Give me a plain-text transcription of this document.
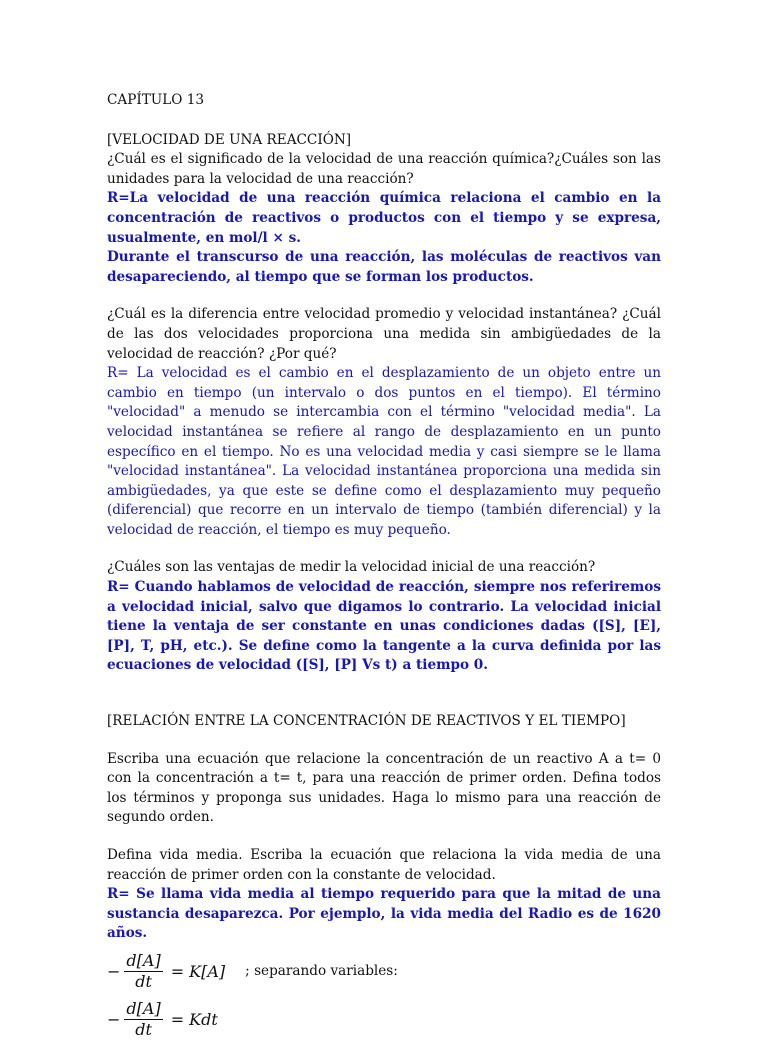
CAPÍTULO 13

[VELOCIDAD DE UNA REACCIÓN]

¿Cuál es el significado de la velocidad de una reacción química?¿Cuáles son las unidades para la velocidad de una reacción?

R=La velocidad de una reacción química relaciona el cambio en la concentración de reactivos o productos con el tiempo y se expresa, usualmente, en mol/l × s.

Durante el transcurso de una reacción, las moléculas de reactivos van desapareciendo, al tiempo que se forman los productos.

¿Cuál es la diferencia entre velocidad promedio y velocidad instantánea? ¿Cuál de las dos velocidades proporciona una medida sin ambigüedades de la velocidad de reacción? ¿Por qué?

R= La velocidad es el cambio en el desplazamiento de un objeto entre un cambio en tiempo (un intervalo o dos puntos en el tiempo). El término "velocidad" a menudo se intercambia con el término "velocidad media". La velocidad instantánea se refiere al rango de desplazamiento en un punto específico en el tiempo. No es una velocidad media y casi siempre se le llama "velocidad instantánea". La velocidad instantánea proporciona una medida sin ambigüedades, ya que este se define como el desplazamiento muy pequeño (diferencial) que recorre en un intervalo de tiempo (también diferencial) y la velocidad de reacción, el tiempo es muy pequeño.

¿Cuáles son las ventajas de medir la velocidad inicial de una reacción?

R= Cuando hablamos de velocidad de reacción, siempre nos referiremos a velocidad inicial, salvo que digamos lo contrario. La velocidad inicial tiene la ventaja de ser constante en unas condiciones dadas ([S], [E], [P], T, pH, etc.). Se define como la tangente a la curva definida por las ecuaciones de velocidad ([S], [P] Vs t) a tiempo 0.

[RELACIÓN ENTRE LA CONCENTRACIÓN DE REACTIVOS Y EL TIEMPO]

Escriba una ecuación que relacione la concentración de un reactivo A a t= 0 con la concentración a t= t, para una reacción de primer orden. Defina todos los términos y proponga sus unidades. Haga lo mismo para una reacción de segundo orden.

Defina vida media. Escriba la ecuación que relaciona la vida media de una reacción de primer orden con la constante de velocidad.

R= Se llama vida media al tiempo requerido para que la mitad de una sustancia desaparezca. Por ejemplo, la vida media del Radio es de 1620 años.

− $\frac{d[A]}{dt} = K[A]$ ; separando variables:
− $\frac{d[A]}{dt}$ = Kdt
